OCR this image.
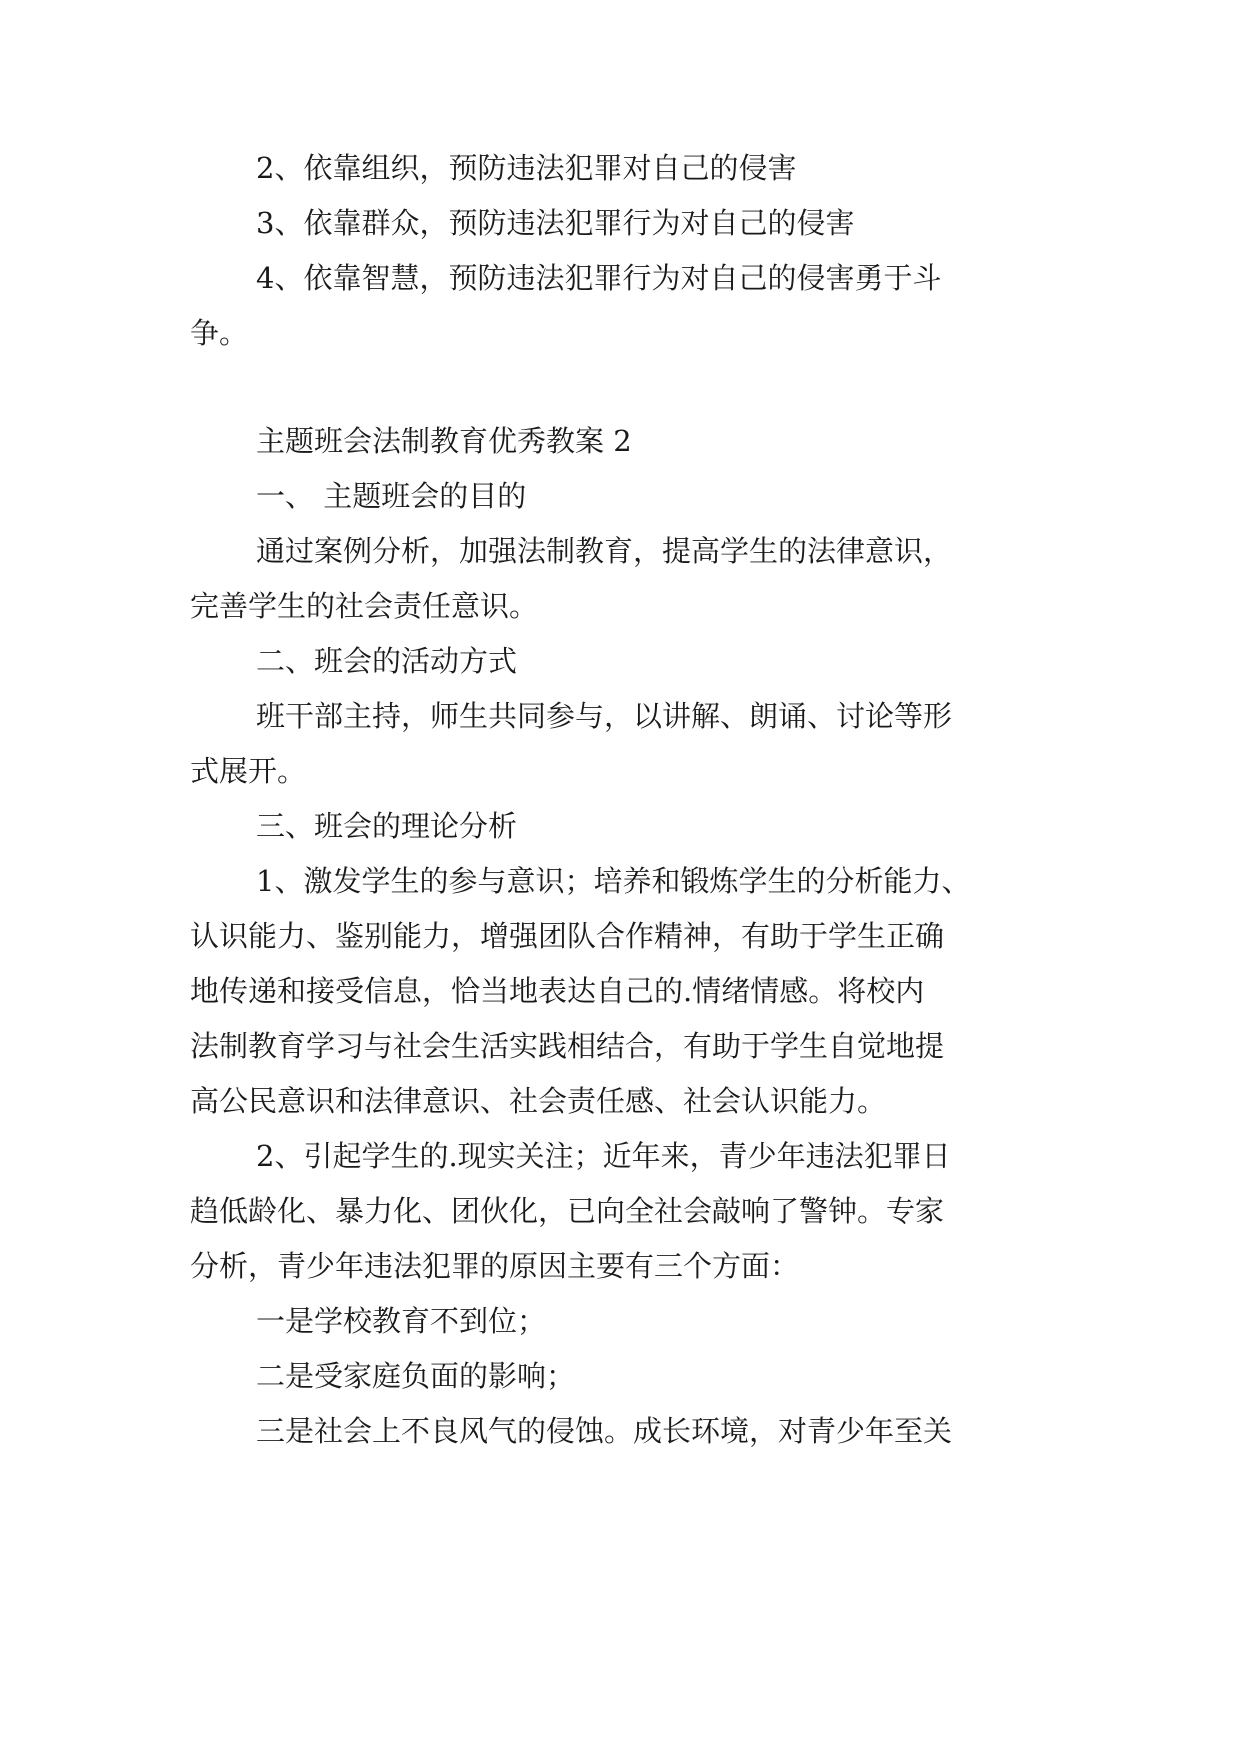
2、依靠组织，预防违法犯罪对自己的侵害

3、依靠群众，预防违法犯罪行为对自己的侵害

4、依靠智慧，预防违法犯罪行为对自己的侵害勇于斗

争。

主题班会法制教育优秀教案 2

一、 主题班会的目的

通过案例分析，加强法制教育，提高学生的法律意识，

完善学生的社会责任意识。

二、班会的活动方式

班干部主持，师生共同参与，以讲解、朗诵、讨论等形

式展开。

三、班会的理论分析

1、激发学生的参与意识；培养和锻炼学生的分析能力、

认识能力、鉴别能力，增强团队合作精神，有助于学生正确

地传递和接受信息，恰当地表达自己的.情绪情感。将校内

法制教育学习与社会生活实践相结合，有助于学生自觉地提

高公民意识和法律意识、社会责任感、社会认识能力。

2、引起学生的.现实关注；近年来，青少年违法犯罪日

趋低龄化、暴力化、团伙化，已向全社会敲响了警钟。专家

分析，青少年违法犯罪的原因主要有三个方面：

一是学校教育不到位；

二是受家庭负面的影响；

三是社会上不良风气的侵蚀。成长环境，对青少年至关
